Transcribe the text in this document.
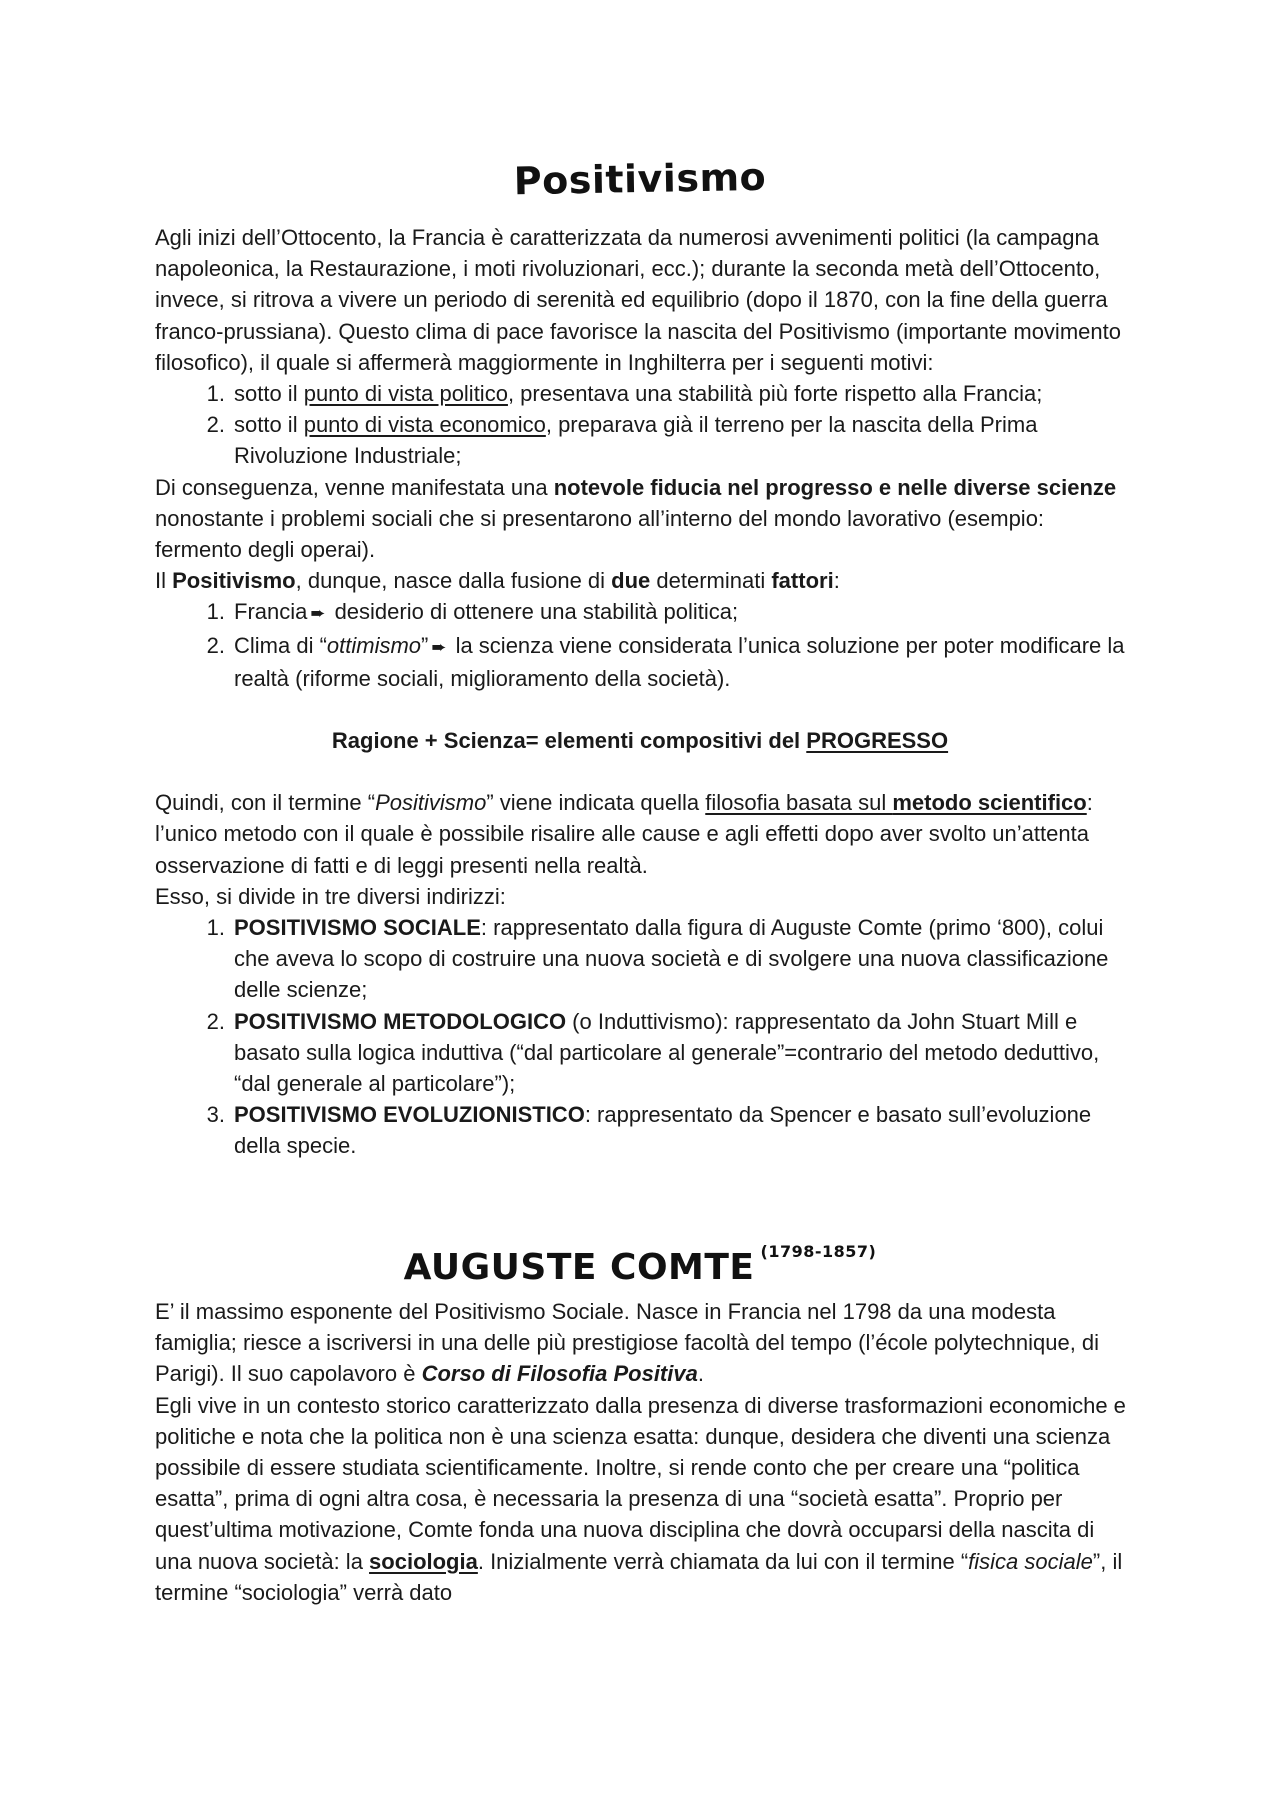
Positivismo

Agli inizi dell’Ottocento, la Francia è caratterizzata da numerosi avvenimenti politici (la campagna napoleonica, la Restaurazione, i moti rivoluzionari, ecc.); durante la seconda metà dell’Ottocento, invece, si ritrova a vivere un periodo di serenità ed equilibrio (dopo il 1870, con la fine della guerra franco-prussiana). Questo clima di pace favorisce la nascita del Positivismo (importante movimento filosofico), il quale si affermerà maggiormente in Inghilterra per i seguenti motivi:

1. sotto il punto di vista politico, presentava una stabilità più forte rispetto alla Francia;
2. sotto il punto di vista economico, preparava già il terreno per la nascita della Prima Rivoluzione Industriale;

Di conseguenza, venne manifestata una notevole fiducia nel progresso e nelle diverse scienze nonostante i problemi sociali che si presentarono all’interno del mondo lavorativo (esempio: fermento degli operai).

Il Positivismo, dunque, nasce dalla fusione di due determinati fattori:

1. Francia ➨ desiderio di ottenere una stabilità politica;
2. Clima di “ottimismo” ➨ la scienza viene considerata l’unica soluzione per poter modificare la realtà (riforme sociali, miglioramento della società).

Ragione + Scienza= elementi compositivi del PROGRESSO

Quindi, con il termine “Positivismo” viene indicata quella filosofia basata sul metodo scientifico: l’unico metodo con il quale è possibile risalire alle cause e agli effetti dopo aver svolto un’attenta osservazione di fatti e di leggi presenti nella realtà.

Esso, si divide in tre diversi indirizzi:

1. POSITIVISMO SOCIALE: rappresentato dalla figura di Auguste Comte (primo ‘800), colui che aveva lo scopo di costruire una nuova società e di svolgere una nuova classificazione delle scienze;
2. POSITIVISMO METODOLOGICO (o Induttivismo): rappresentato da John Stuart Mill e basato sulla logica induttiva (“dal particolare al generale”=contrario del metodo deduttivo, “dal generale al particolare”);
3. POSITIVISMO EVOLUZIONISTICO: rappresentato da Spencer e basato sull’evoluzione della specie.
AUGUSTE COMTE $^{(1798-1857)}$

E’ il massimo esponente del Positivismo Sociale. Nasce in Francia nel 1798 da una modesta famiglia; riesce a iscriversi in una delle più prestigiose facoltà del tempo (l’école polytechnique, di Parigi). Il suo capolavoro è Corso di Filosofia Positiva.

Egli vive in un contesto storico caratterizzato dalla presenza di diverse trasformazioni economiche e politiche e nota che la politica non è una scienza esatta: dunque, desidera che diventi una scienza possibile di essere studiata scientificamente. Inoltre, si rende conto che per creare una “politica esatta”, prima di ogni altra cosa, è necessaria la presenza di una “società esatta”. Proprio per quest’ultima motivazione, Comte fonda una nuova disciplina che dovrà occuparsi della nascita di una nuova società: la sociologia. Inizialmente verrà chiamata da lui con il termine “fisica sociale”, il termine “sociologia” verrà dato
